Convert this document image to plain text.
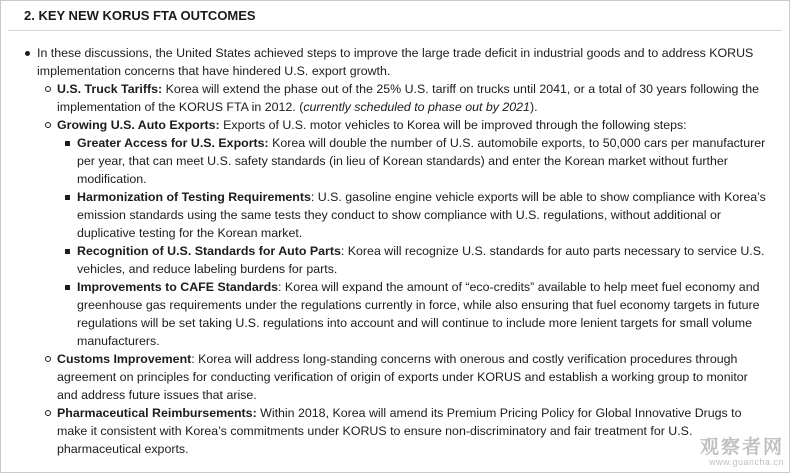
2. KEY NEW KORUS FTA OUTCOMES
In these discussions, the United States achieved steps to improve the large trade deficit in industrial goods and to address KORUS implementation concerns that have hindered U.S. export growth.
U.S. Truck Tariffs: Korea will extend the phase out of the 25% U.S. tariff on trucks until 2041, or a total of 30 years following the implementation of the KORUS FTA in 2012. (currently scheduled to phase out by 2021).
Growing U.S. Auto Exports: Exports of U.S. motor vehicles to Korea will be improved through the following steps:
Greater Access for U.S. Exports: Korea will double the number of U.S. automobile exports, to 50,000 cars per manufacturer per year, that can meet U.S. safety standards (in lieu of Korean standards) and enter the Korean market without further modification.
Harmonization of Testing Requirements: U.S. gasoline engine vehicle exports will be able to show compliance with Korea’s emission standards using the same tests they conduct to show compliance with U.S. regulations, without additional or duplicative testing for the Korean market.
Recognition of U.S. Standards for Auto Parts: Korea will recognize U.S. standards for auto parts necessary to service U.S. vehicles, and reduce labeling burdens for parts.
Improvements to CAFE Standards: Korea will expand the amount of “eco-credits” available to help meet fuel economy and greenhouse gas requirements under the regulations currently in force, while also ensuring that fuel economy targets in future regulations will be set taking U.S. regulations into account and will continue to include more lenient targets for small volume manufacturers.
Customs Improvement: Korea will address long-standing concerns with onerous and costly verification procedures through agreement on principles for conducting verification of origin of exports under KORUS and establish a working group to monitor and address future issues that arise.
Pharmaceutical Reimbursements: Within 2018, Korea will amend its Premium Pricing Policy for Global Innovative Drugs to make it consistent with Korea’s commitments under KORUS to ensure non-discriminatory and fair treatment for U.S. pharmaceutical exports.	观察者网
www.guancha.cn
